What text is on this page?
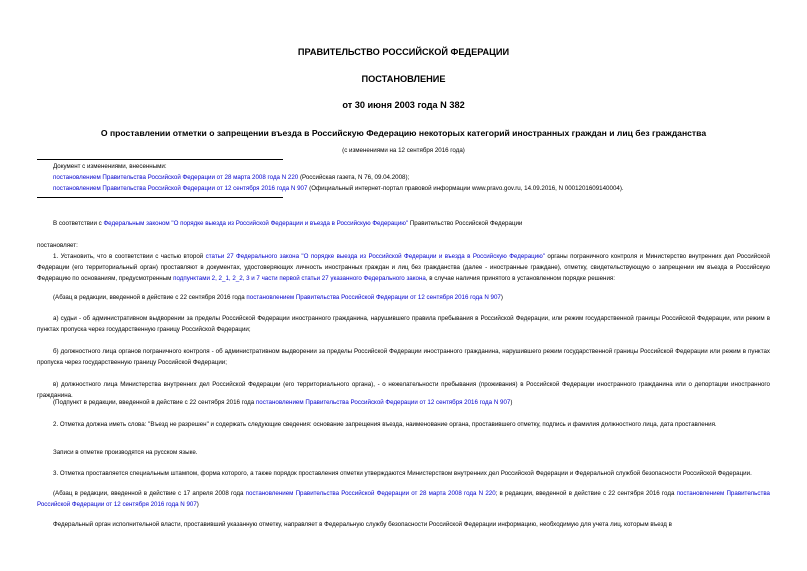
ПРАВИТЕЛЬСТВО РОССИЙСКОЙ ФЕДЕРАЦИИ
ПОСТАНОВЛЕНИЕ
от 30 июня 2003 года N 382
О проставлении отметки о запрещении въезда в Российскую Федерацию некоторых категорий иностранных граждан и лиц без гражданства
(с изменениями на 12 сентября 2016 года)
Документ с изменениями, внесенными:
постановлением Правительства Российской Федерации от 28 марта 2008 года N 220 (Российская газета, N 76, 09.04.2008);
постановлением Правительства Российской Федерации от 12 сентября 2016 года N 907 (Официальный интернет-портал правовой информации www.pravo.gov.ru, 14.09.2016, N 0001201609140004).
В соответствии с Федеральным законом "О порядке выезда из Российской Федерации и въезда в Российскую Федерацию" Правительство Российской Федерации
постановляет:
1. Установить, что в соответствии с частью второй статьи 27 Федерального закона "О порядке выезда из Российской Федерации и въезда в Российскую Федерацию" органы пограничного контроля и Министерство внутренних дел Российской Федерации (его территориальный орган) проставляют в документах, удостоверяющих личность иностранных граждан и лиц без гражданства (далее - иностранные граждане), отметку, свидетельствующую о запрещении им въезда в Российскую Федерацию по основаниям, предусмотренным подпунктами 2, 2_1, 2_2, 3 и 7 части первой статьи 27 указанного Федерального закона, в случае наличия принятого в установленном порядке решения:
(Абзац в редакции, введенной в действие с 22 сентября 2016 года постановлением Правительства Российской Федерации от 12 сентября 2016 года N 907)
а) судьи - об административном выдворении за пределы Российской Федерации иностранного гражданина, нарушившего правила пребывания в Российской Федерации, или режим государственной границы Российской Федерации, или режим в пунктах пропуска через государственную границу Российской Федерации;
б) должностного лица органов пограничного контроля - об административном выдворении за пределы Российской Федерации иностранного гражданина, нарушившего режим государственной границы Российской Федерации или режим в пунктах пропуска через государственную границу Российской Федерации;
в) должностного лица Министерства внутренних дел Российской Федерации (его территориального органа), - о нежелательности пребывания (проживания) в Российской Федерации иностранного гражданина или о депортации иностранного гражданина.
(Подпункт в редакции, введенной в действие с 22 сентября 2016 года постановлением Правительства Российской Федерации от 12 сентября 2016 года N 907)
2. Отметка должна иметь слова: "Въезд не разрешен" и содержать следующие сведения: основание запрещения въезда, наименование органа, проставившего отметку, подпись и фамилия должностного лица, дата проставления.
Записи в отметке производятся на русском языке.
3. Отметка проставляется специальным штампом, форма которого, а также порядок проставления отметки утверждаются Министерством внутренних дел Российской Федерации и Федеральной службой безопасности Российской Федерации.
(Абзац в редакции, введенной в действие с 17 апреля 2008 года постановлением Правительства Российской Федерации от 28 марта 2008 года N 220; в редакции, введенной в действие с 22 сентября 2016 года постановлением Правительства Российской Федерации от 12 сентября 2016 года N 907)
Федеральный орган исполнительной власти, проставивший указанную отметку, направляет в Федеральную службу безопасности Российской Федерации информацию, необходимую для учета лиц, которым въезд в
